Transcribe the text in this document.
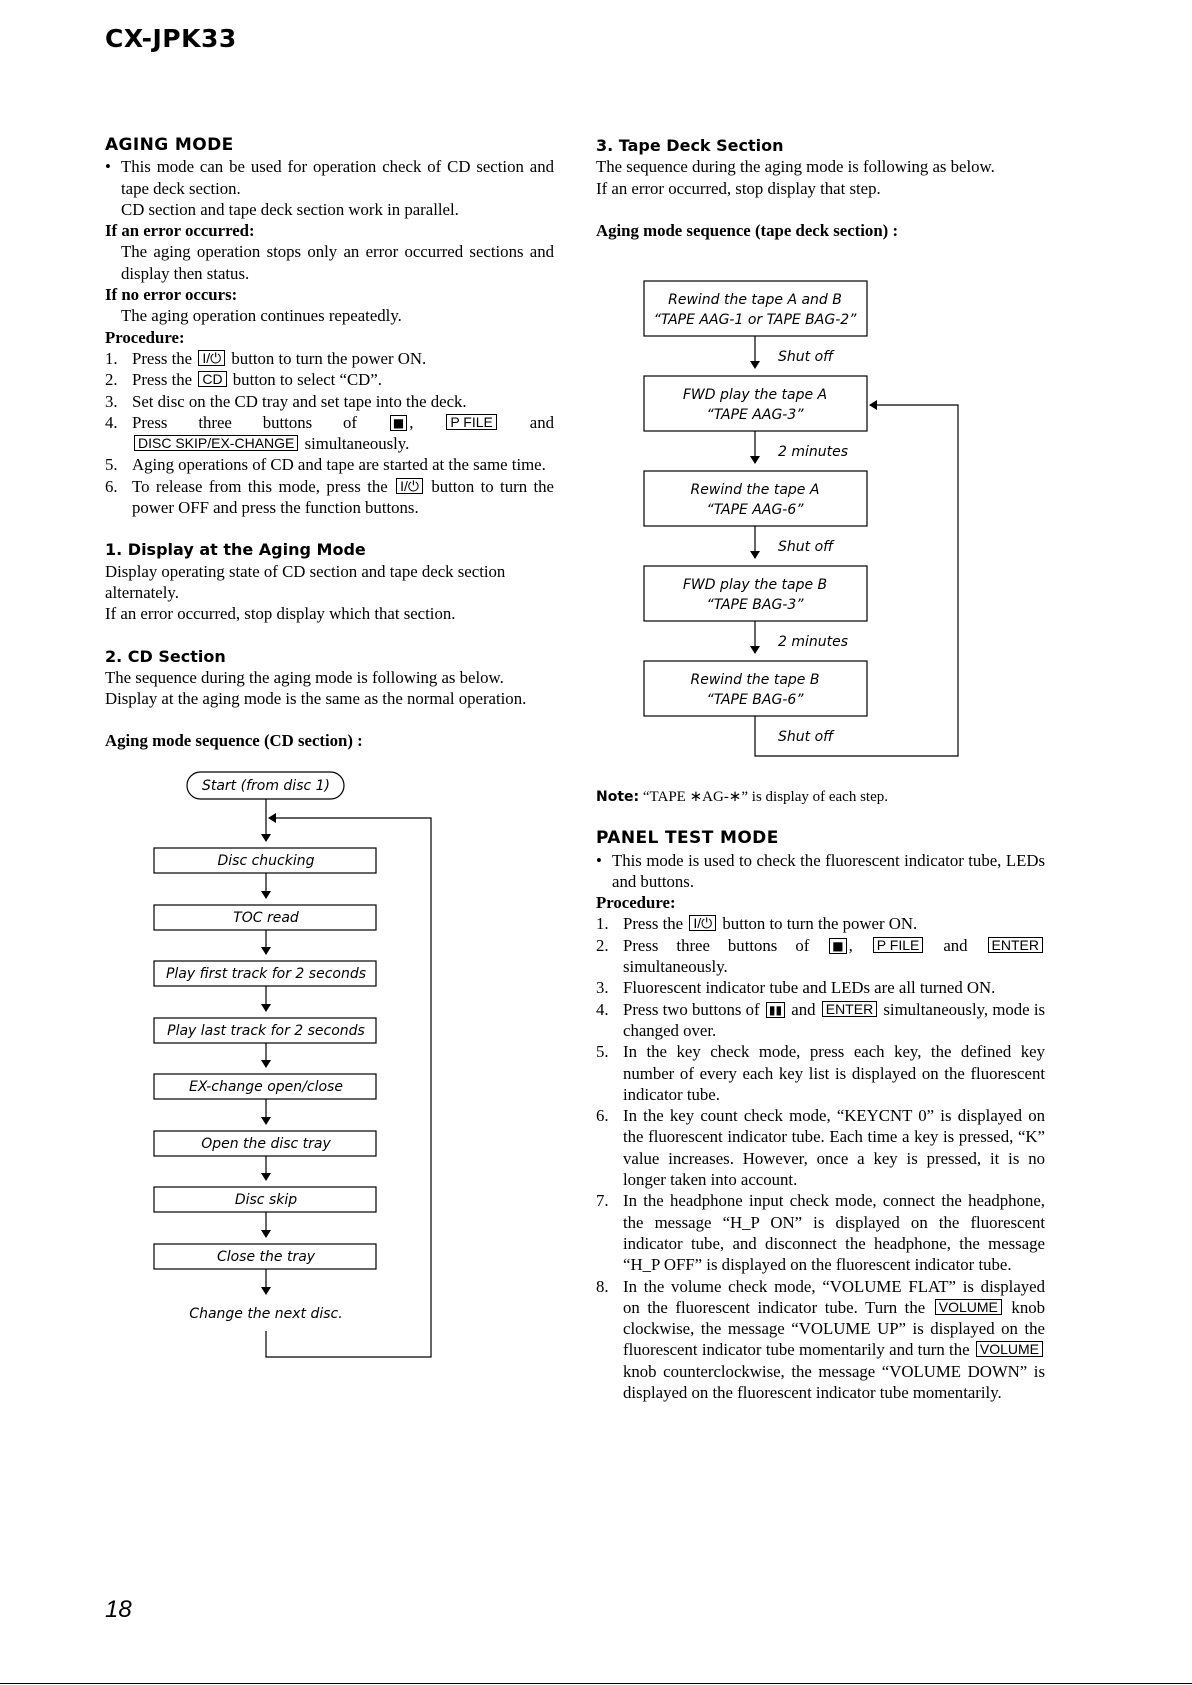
CX-JPK33

AGING MODE

• This mode can be used for operation check of CD section and tape deck section.
CD section and tape deck section work in parallel.

If an error occurred:

The aging operation stops only an error occurred sections and display then status.

If no error occurs:

The aging operation continues repeatedly.

Procedure:

1. Press the I/⏻ button to turn the power ON.
2. Press the CD button to select “CD”.
3. Set disc on the CD tray and set tape into the deck.
4. Press three buttons of	■ , P FILE and DISC SKIP/EX-CHANGE simultaneously.
5. Aging operations of CD and tape are started at the same time.
6. To release from this mode, press the I/⏻ button to turn the power OFF and press the function buttons.

1. Display at the Aging Mode

Display operating state of CD section and tape deck section alternately.

If an error occurred, stop display which that section.

2. CD Section

The sequence during the aging mode is following as below.

Display at the aging mode is the same as the normal operation.

Aging mode sequence (CD section) :

Start (from disc 1)
Disc chucking
TOC read
Play first track for 2 seconds
Play last track for 2 seconds
EX-change open/close
Open the disc tray
Disc skip
Close the tray
Change the next disc.

3. Tape Deck Section

The sequence during the aging mode is following as below.

If an error occurred, stop display that step.

Aging mode sequence (tape deck section) :

Rewind the tape A and B
“TAPE AAG-1 or TAPE BAG-2”
FWD play the tape A
“TAPE AAG-3”
Rewind the tape A
“TAPE AAG-6”
FWD play the tape B
“TAPE BAG-3”
Rewind the tape B
“TAPE BAG-6”
Shut off
2 minutes
Shut off
2 minutes
Shut off

Note: “TAPE ∗AG-∗” is display of each step.

PANEL TEST MODE

• This mode is used to check the fluorescent indicator tube, LEDs and buttons.

Procedure:

1. Press the I/⏻ button to turn the power ON.
2. Press three buttons of ■ , P FILE and ENTER simultaneously.
3. Fluorescent indicator tube and LEDs are all turned ON.
4. Press two buttons of ▮▮ and ENTER simultaneously, mode is changed over.
5. In the key check mode, press each key, the defined key number of every each key list is displayed on the fluorescent indicator tube.
6. In the key count check mode, “KEYCNT 0” is displayed on the fluorescent indicator tube. Each time a key is pressed, “K” value increases. However, once a key is pressed, it is no longer taken into account.
7. In the headphone input check mode, connect the headphone, the message “H_P ON” is displayed on the fluorescent indicator tube, and disconnect the headphone, the message “H_P OFF” is displayed on the fluorescent indicator tube.
8. In the volume check mode, “VOLUME FLAT” is displayed on the fluorescent indicator tube. Turn the VOLUME knob clockwise, the message “VOLUME UP” is displayed on the fluorescent indicator tube momentarily and turn the VOLUME knob counterclockwise, the message “VOLUME DOWN” is displayed on the fluorescent indicator tube momentarily.
18
